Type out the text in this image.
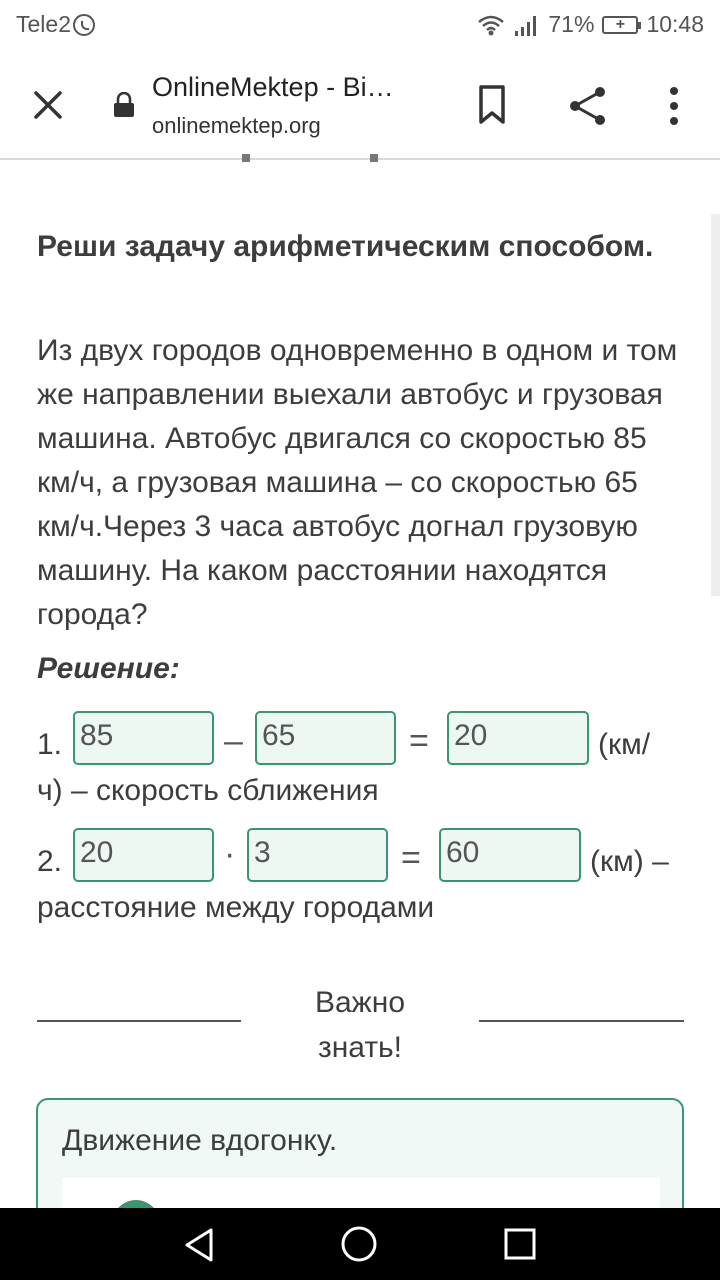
Tele2	71%	+ 10:48
OnlineMektep - Bi…
onlinemektep.org
Реши задачу арифметическим способом.
Из двух городов одновременно в одном и том же направлении выехали автобус и грузовая машина. Автобус двигался со скоростью 85 км/ч, а грузовая машина – со скоростью 65 км/ч.Через 3 часа автобус догнал грузовую машину. На каком расстоянии находятся города?
Решение:
1. 85	– 65	= 20	(км/
ч) – скорость сближения
2. 20	· 3	= 60	(км) –
расстояние между городами
Важно
знать!
Движение вдогонку.
